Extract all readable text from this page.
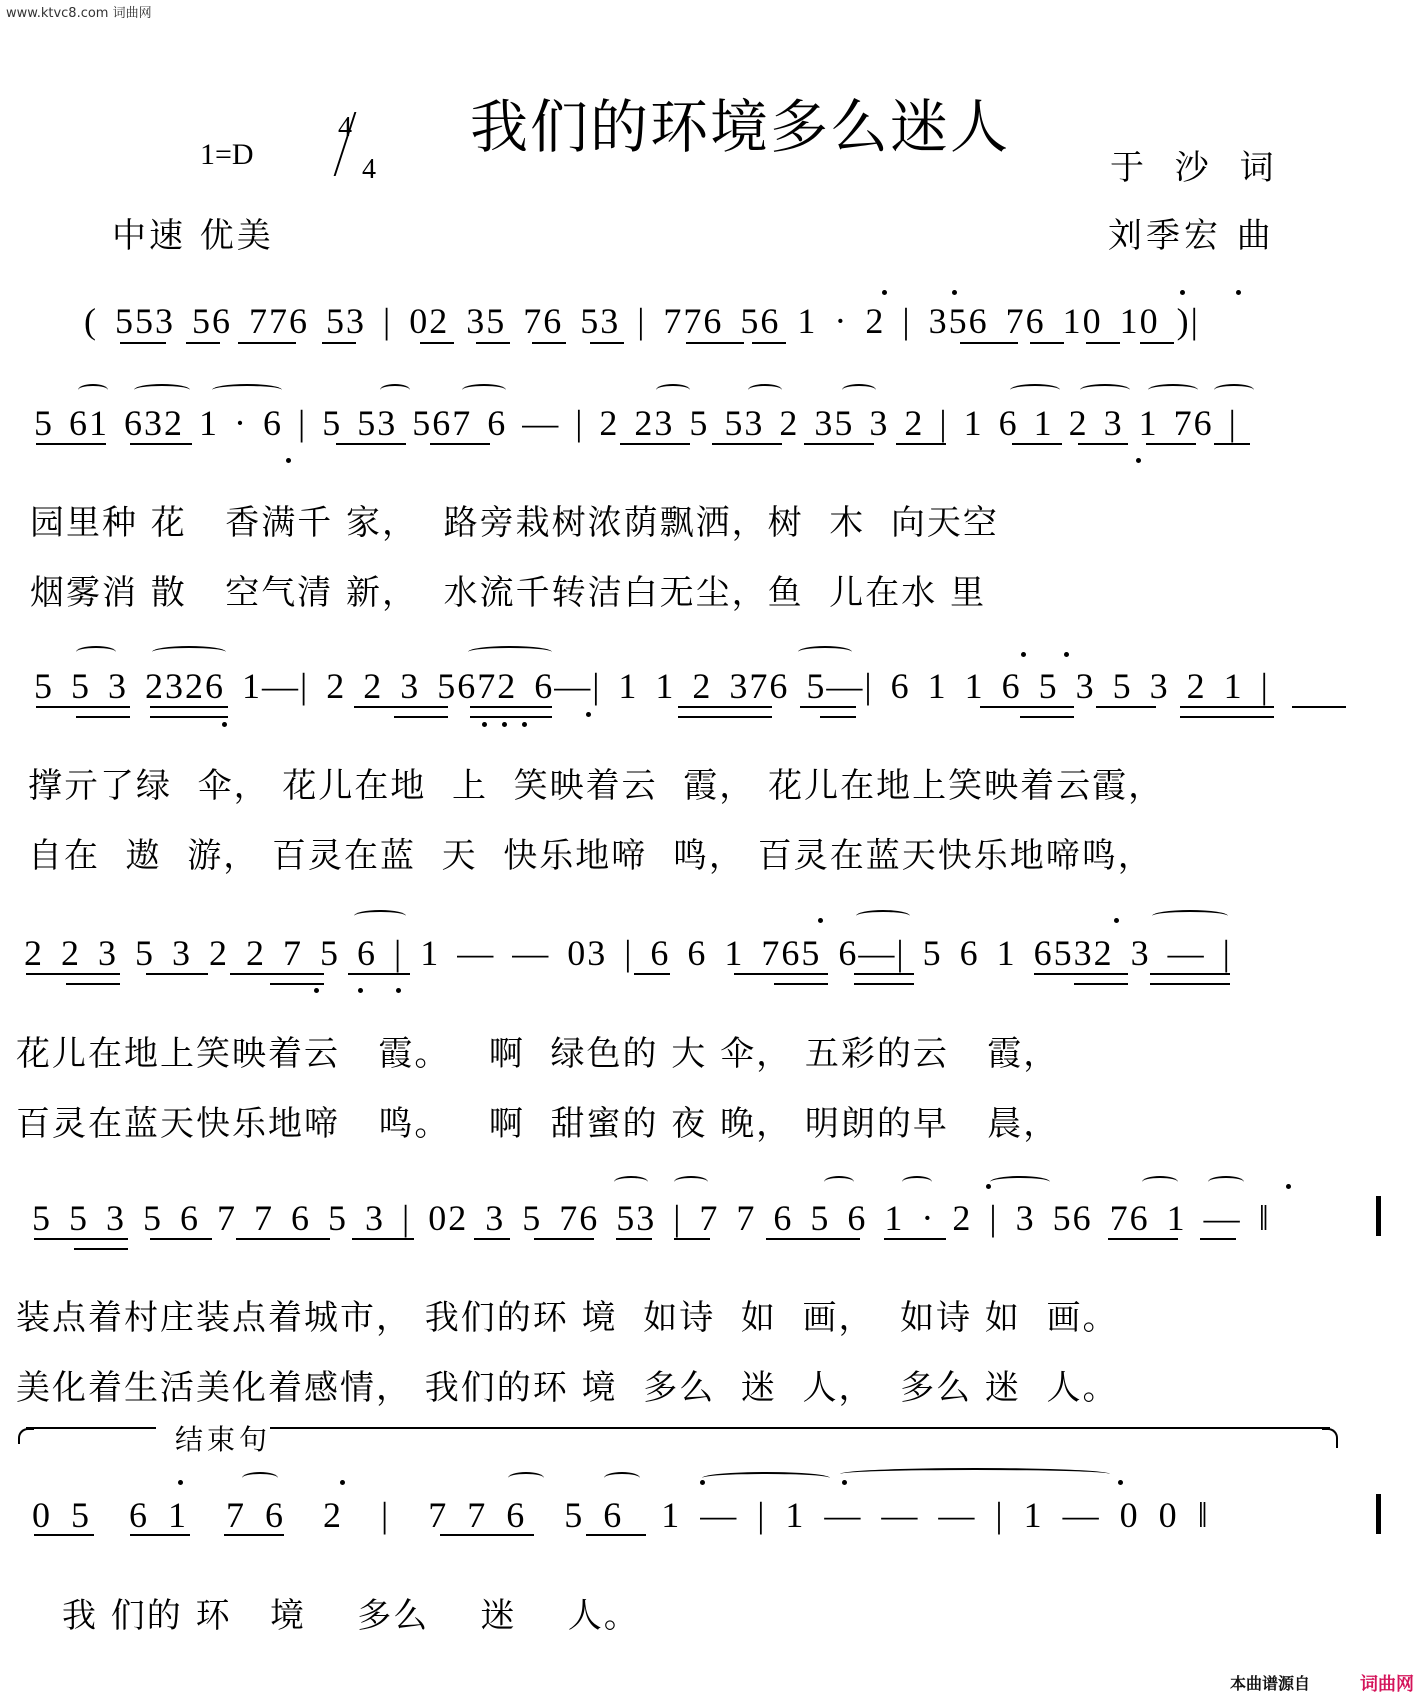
www.ktvc8.com 词曲网
我们的环境多么迷人
1=D
4
4	于 沙 词
刘季宏 曲
中速 优美
( 553 56 776 53 | 02 35 76 53 | 776 56 1 · 2 | 356 76 10 10 )|
5 61 632 1 · 6 | 5 53 567 6 — | 2 23 5 53 2 35 3 2 | 1 6 1 2 3 1 76 |
园里种 花   香满千 家，  路旁栽树浓荫飘洒，树  木  向天空
烟雾消 散   空气清 新，  水流千转洁白无尘，鱼  儿在水 里
5 5 3 2326 1—| 2 2 3 5672 6—| 1 1 2 376 5—| 6 1 1 6 5 3 5 3 2 1 |
撑亓了绿  伞， 花儿在地  上  笑映着云  霞， 花儿在地上笑映着云霞，
自在  遨  游， 百灵在蓝  天  快乐地啼  鸣， 百灵在蓝天快乐地啼鸣，
2 2 3 5 3 2 2 7 5 6 | 1 — — 03 | 6 6 1 765 6—| 5 6 1 6532 3 — |
花儿在地上笑映着云   霞。   啊  绿色的 大 伞， 五彩的云   霞，
百灵在蓝天快乐地啼   鸣。   啊  甜蜜的 夜 晚， 明朗的早   晨，
5 5 3 5 6 7 7 6 5 3 | 02 3 5 76 53 | 7 7 6 5 6 1 · 2 | 3 56 76 1 — ‖
装点着村庄装点着城市， 我们的环 境  如诗  如  画，  如诗 如  画。
美化着生活美化着感情， 我们的环 境  多么  迷  人，  多么 迷  人。
结束句
0 5  6 1  7 6  2  |  7 7 6  5 6  1 — | 1 — — — | 1 — 0 0 ‖
我 们的 环   境    多么    迷    人。
本曲谱源自	词曲网
